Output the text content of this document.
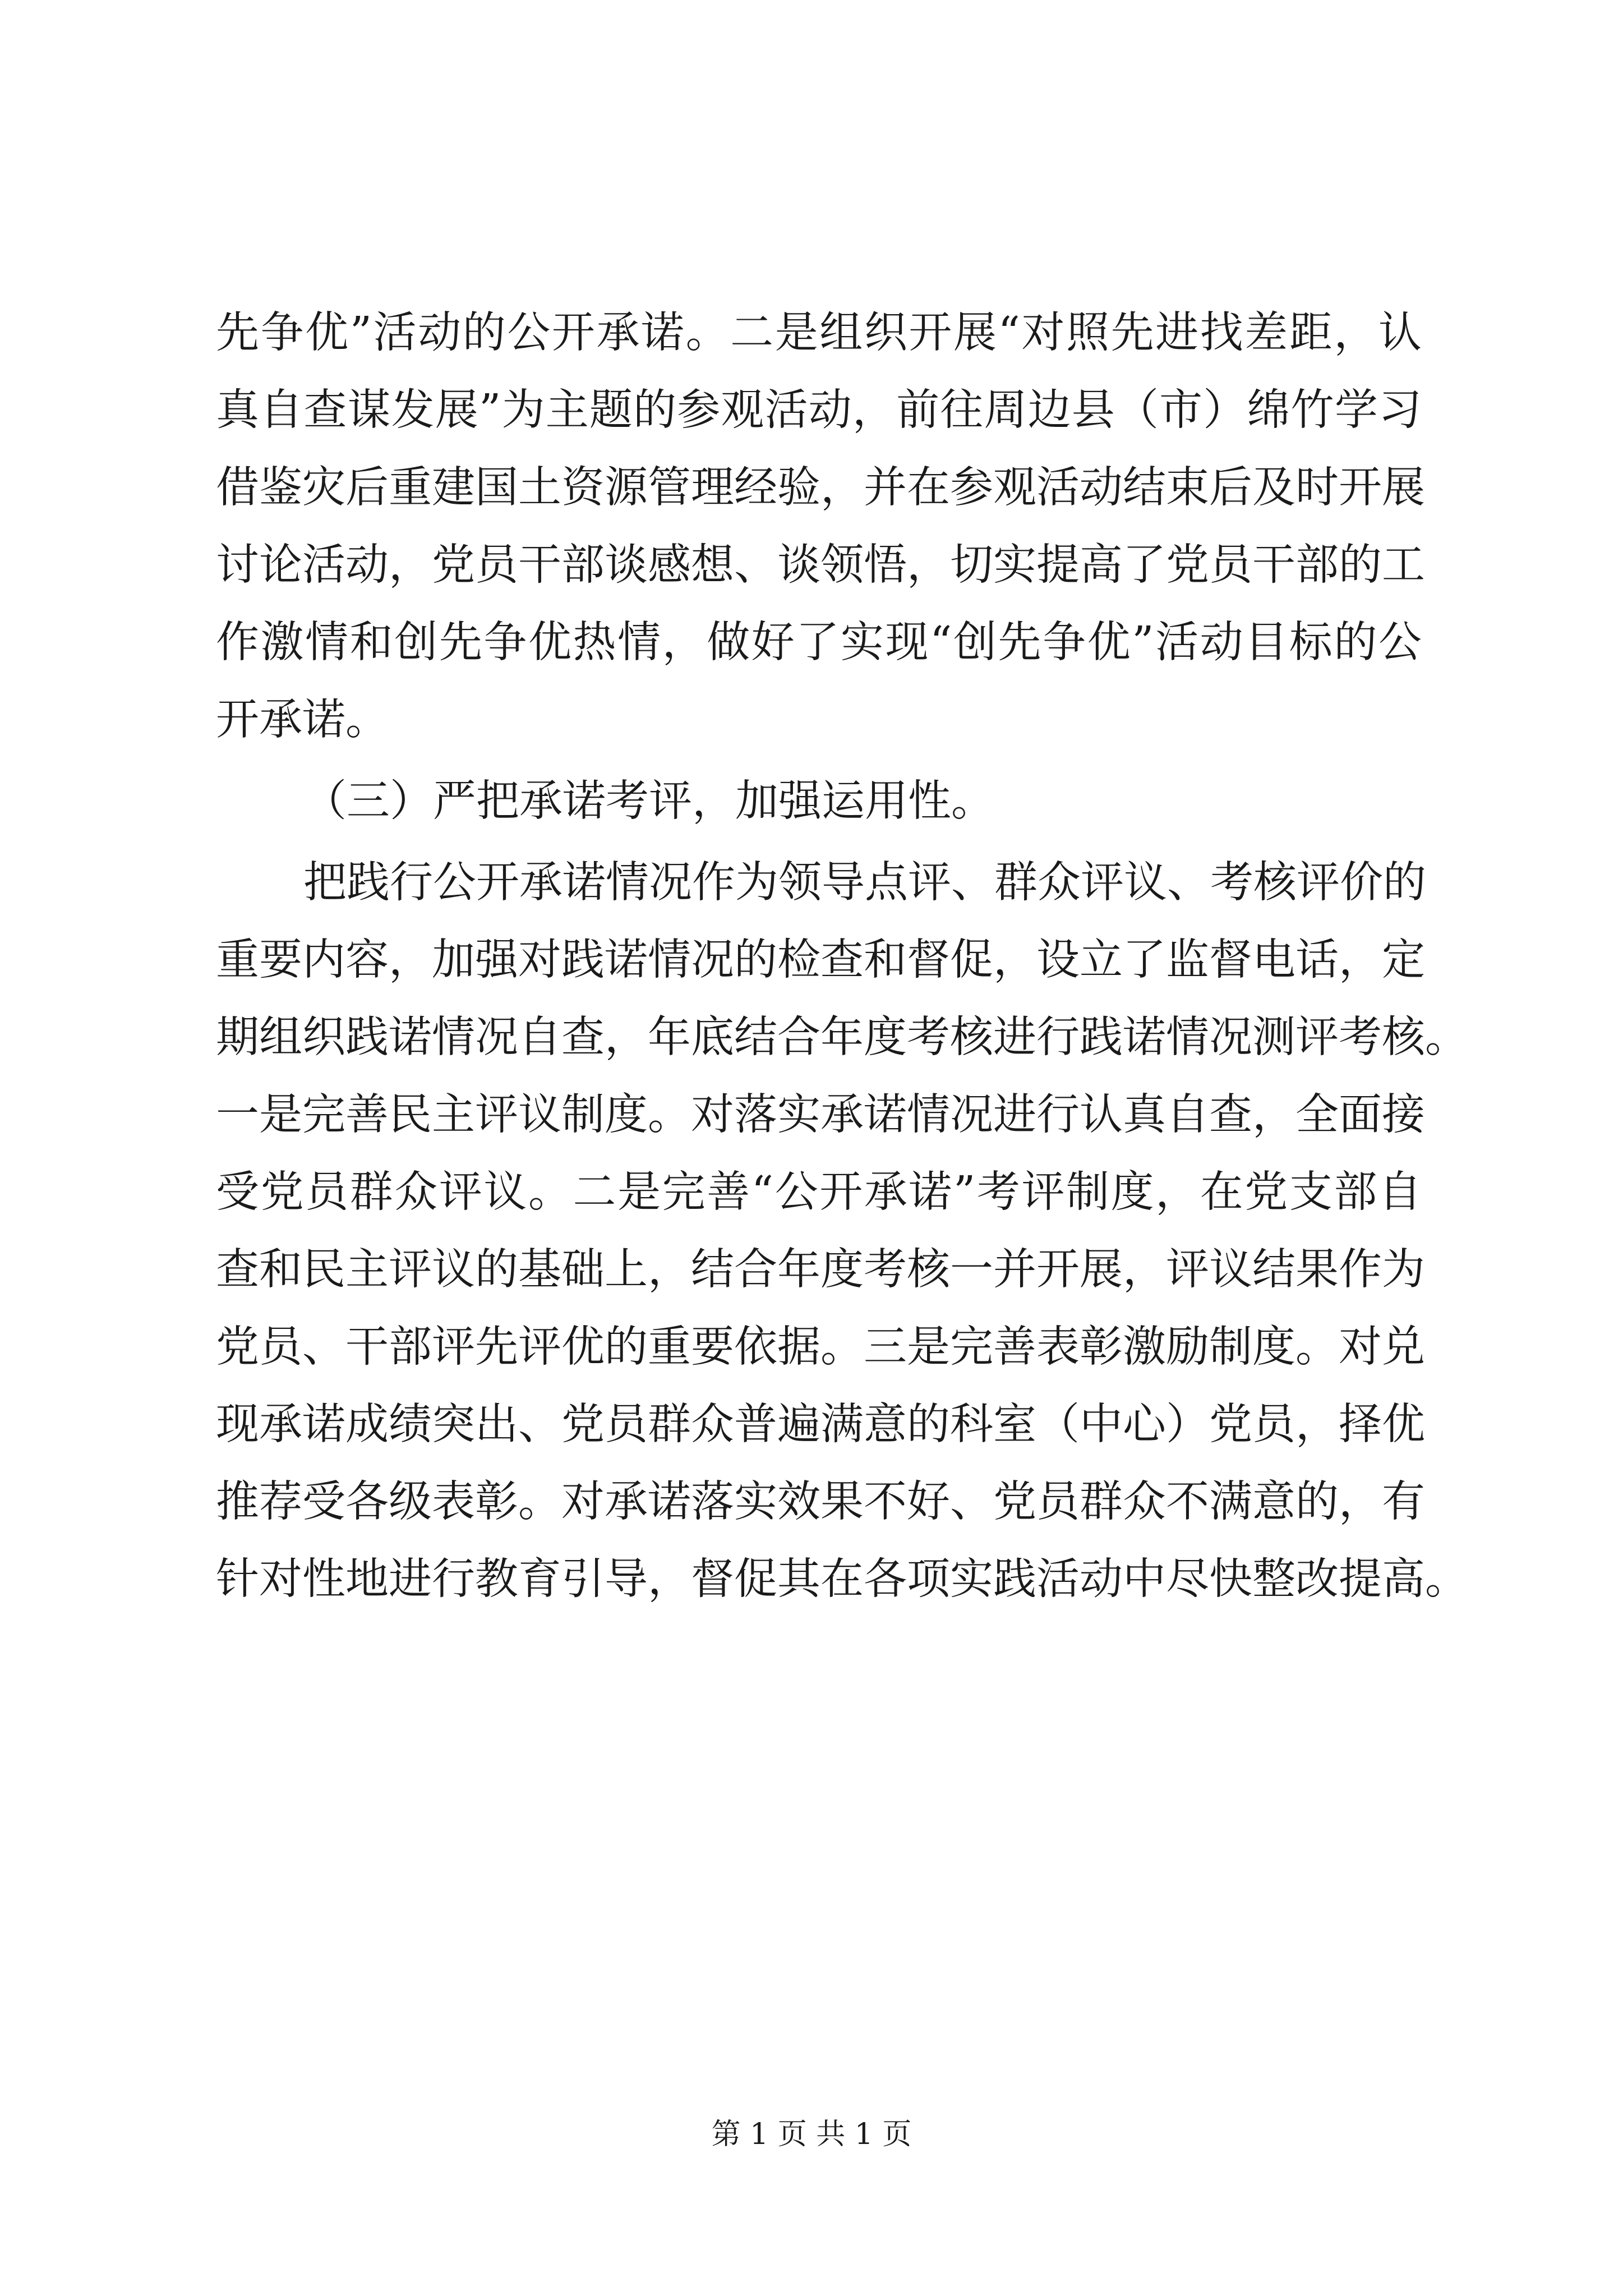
先争优”活动的公开承诺。二是组织开展“对照先进找差距，认
真自查谋发展”为主题的参观活动，前往周边县（市）绵竹学习
借鉴灾后重建国土资源管理经验，并在参观活动结束后及时开展
讨论活动，党员干部谈感想、谈领悟，切实提高了党员干部的工
作激情和创先争优热情，做好了实现“创先争优”活动目标的公
开承诺。
（三）严把承诺考评，加强运用性。
把践行公开承诺情况作为领导点评、群众评议、考核评价的
重要内容，加强对践诺情况的检查和督促，设立了监督电话，定
期组织践诺情况自查，年底结合年度考核进行践诺情况测评考核。
一是完善民主评议制度。对落实承诺情况进行认真自查，全面接
受党员群众评议。二是完善“公开承诺”考评制度，在党支部自
查和民主评议的基础上，结合年度考核一并开展，评议结果作为
党员、干部评先评优的重要依据。三是完善表彰激励制度。对兑
现承诺成绩突出、党员群众普遍满意的科室（中心）党员，择优
推荐受各级表彰。对承诺落实效果不好、党员群众不满意的，有
针对性地进行教育引导，督促其在各项实践活动中尽快整改提高。
第 1 页 共 1 页
